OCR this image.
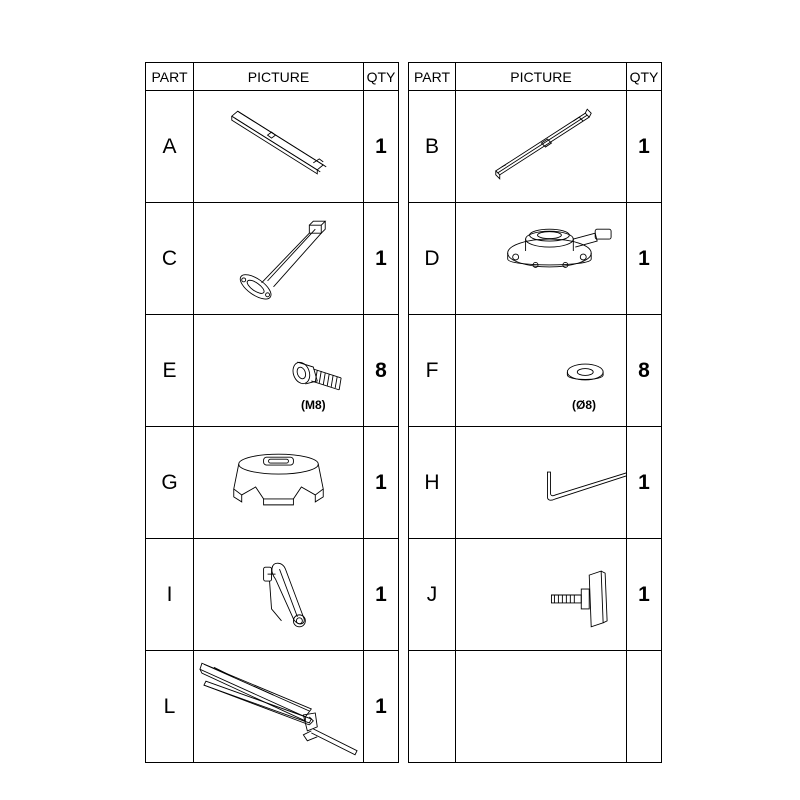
PART	PICTURE	QTY
A		1
C		1
E	(M8)	8
G		1
I		1
L		1
PART	PICTURE	QTY
B		1
D		1
F	(Ø8)	8
H		1
J		1
